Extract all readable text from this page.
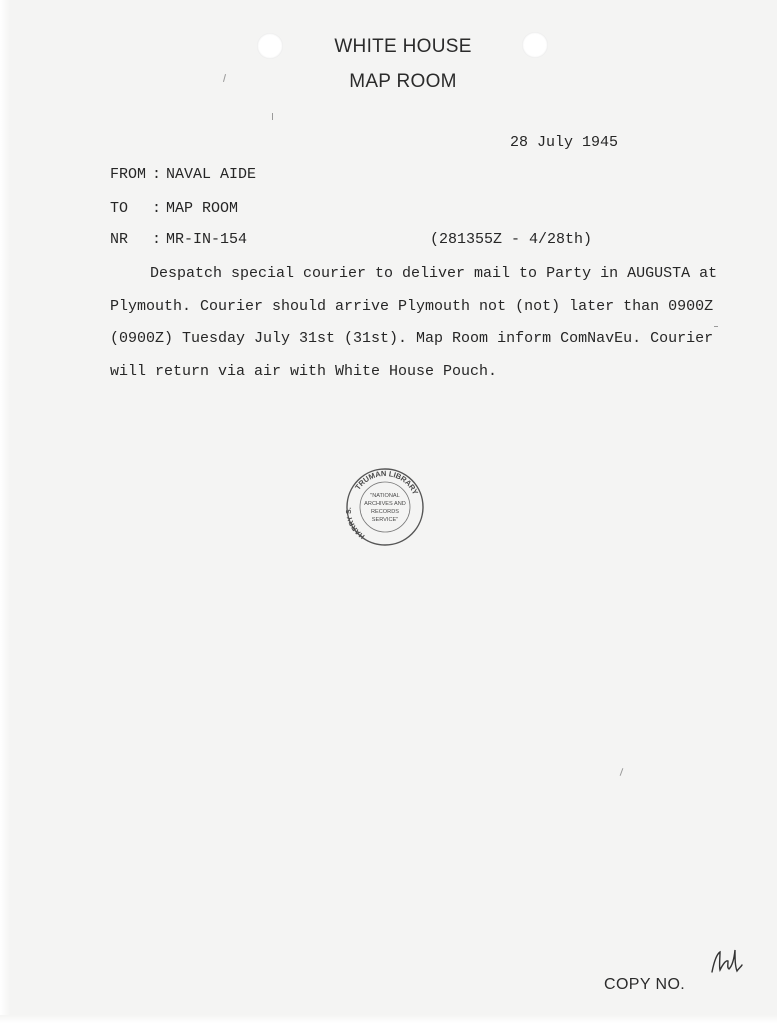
WHITE HOUSE
MAP ROOM
28 July 1945
FROM : NAVAL AIDE
TO : MAP ROOM
NR : MR-IN-154	(281355Z - 4/28th)
Despatch special courier to deliver mail to Party in AUGUSTA at
Plymouth. Courier should arrive Plymouth not (not) later than 0900Z
(0900Z) Tuesday July 31st (31st). Map Room inform ComNavEu. Courier
will return via air with White House Pouch.
TRUMAN LIBRARY
HARRY S.
"NATIONAL
ARCHIVES AND
RECORDS
SERVICE"
COPY NO.
